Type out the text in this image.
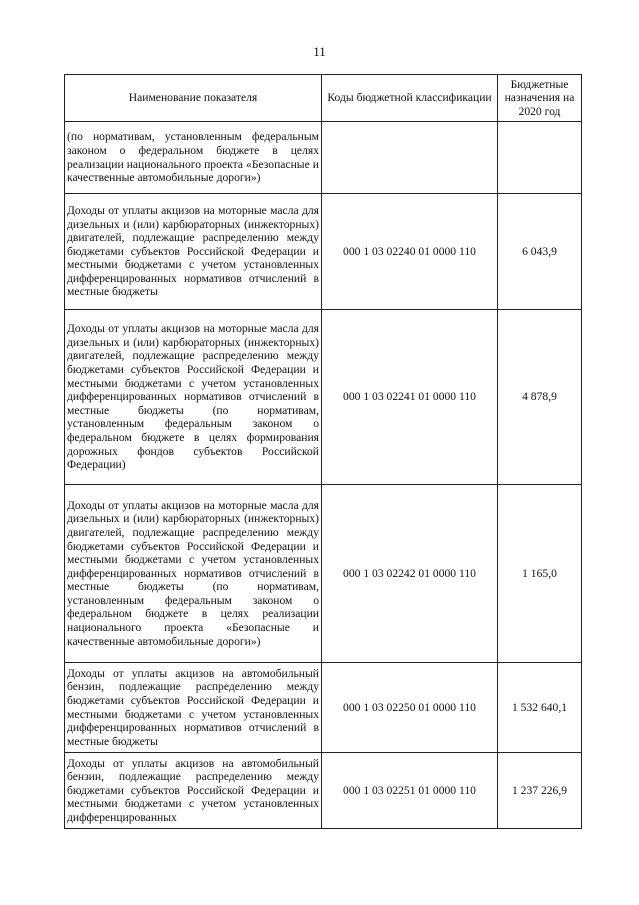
11
Наименование показателя	Коды бюджетной классификации	Бюджетные назначения на 2020 год
(по нормативам, установленным федеральным законом о федеральном бюджете в целях реализации национального проекта «Безопасные и качественные автомобильные дороги»)		
Доходы от уплаты акцизов на моторные масла для дизельных и (или) карбюраторных (инжекторных) двигателей, подлежащие распределению между бюджетами субъектов Российской Федерации и местными бюджетами с учетом установленных дифференцированных нормативов отчислений в местные бюджеты	000 1 03 02240 01 0000 110	6 043,9
Доходы от уплаты акцизов на моторные масла для дизельных и (или) карбюраторных (инжекторных) двигателей, подлежащие распределению между бюджетами субъектов Российской Федерации и местными бюджетами с учетом установленных дифференцированных нормативов отчислений в местные бюджеты (по нормативам, установленным федеральным законом о федеральном бюджете в целях формирования дорожных фондов субъектов Российской Федерации)	000 1 03 02241 01 0000 110	4 878,9
Доходы от уплаты акцизов на моторные масла для дизельных и (или) карбюраторных (инжекторных) двигателей, подлежащие распределению между бюджетами субъектов Российской Федерации и местными бюджетами с учетом установленных дифференцированных нормативов отчислений в местные бюджеты (по нормативам, установленным федеральным законом о федеральном бюджете в целях реализации национального проекта «Безопасные и качественные автомобильные дороги»)	000 1 03 02242 01 0000 110	1 165,0
Доходы от уплаты акцизов на автомобильный бензин, подлежащие распределению между бюджетами субъектов Российской Федерации и местными бюджетами с учетом установленных дифференцированных нормативов отчислений в местные бюджеты	000 1 03 02250 01 0000 110	1 532 640,1
Доходы от уплаты акцизов на автомобильный бензин, подлежащие распределению между бюджетами субъектов Российской Федерации и местными бюджетами с учетом установленных дифференцированных	000 1 03 02251 01 0000 110	1 237 226,9
